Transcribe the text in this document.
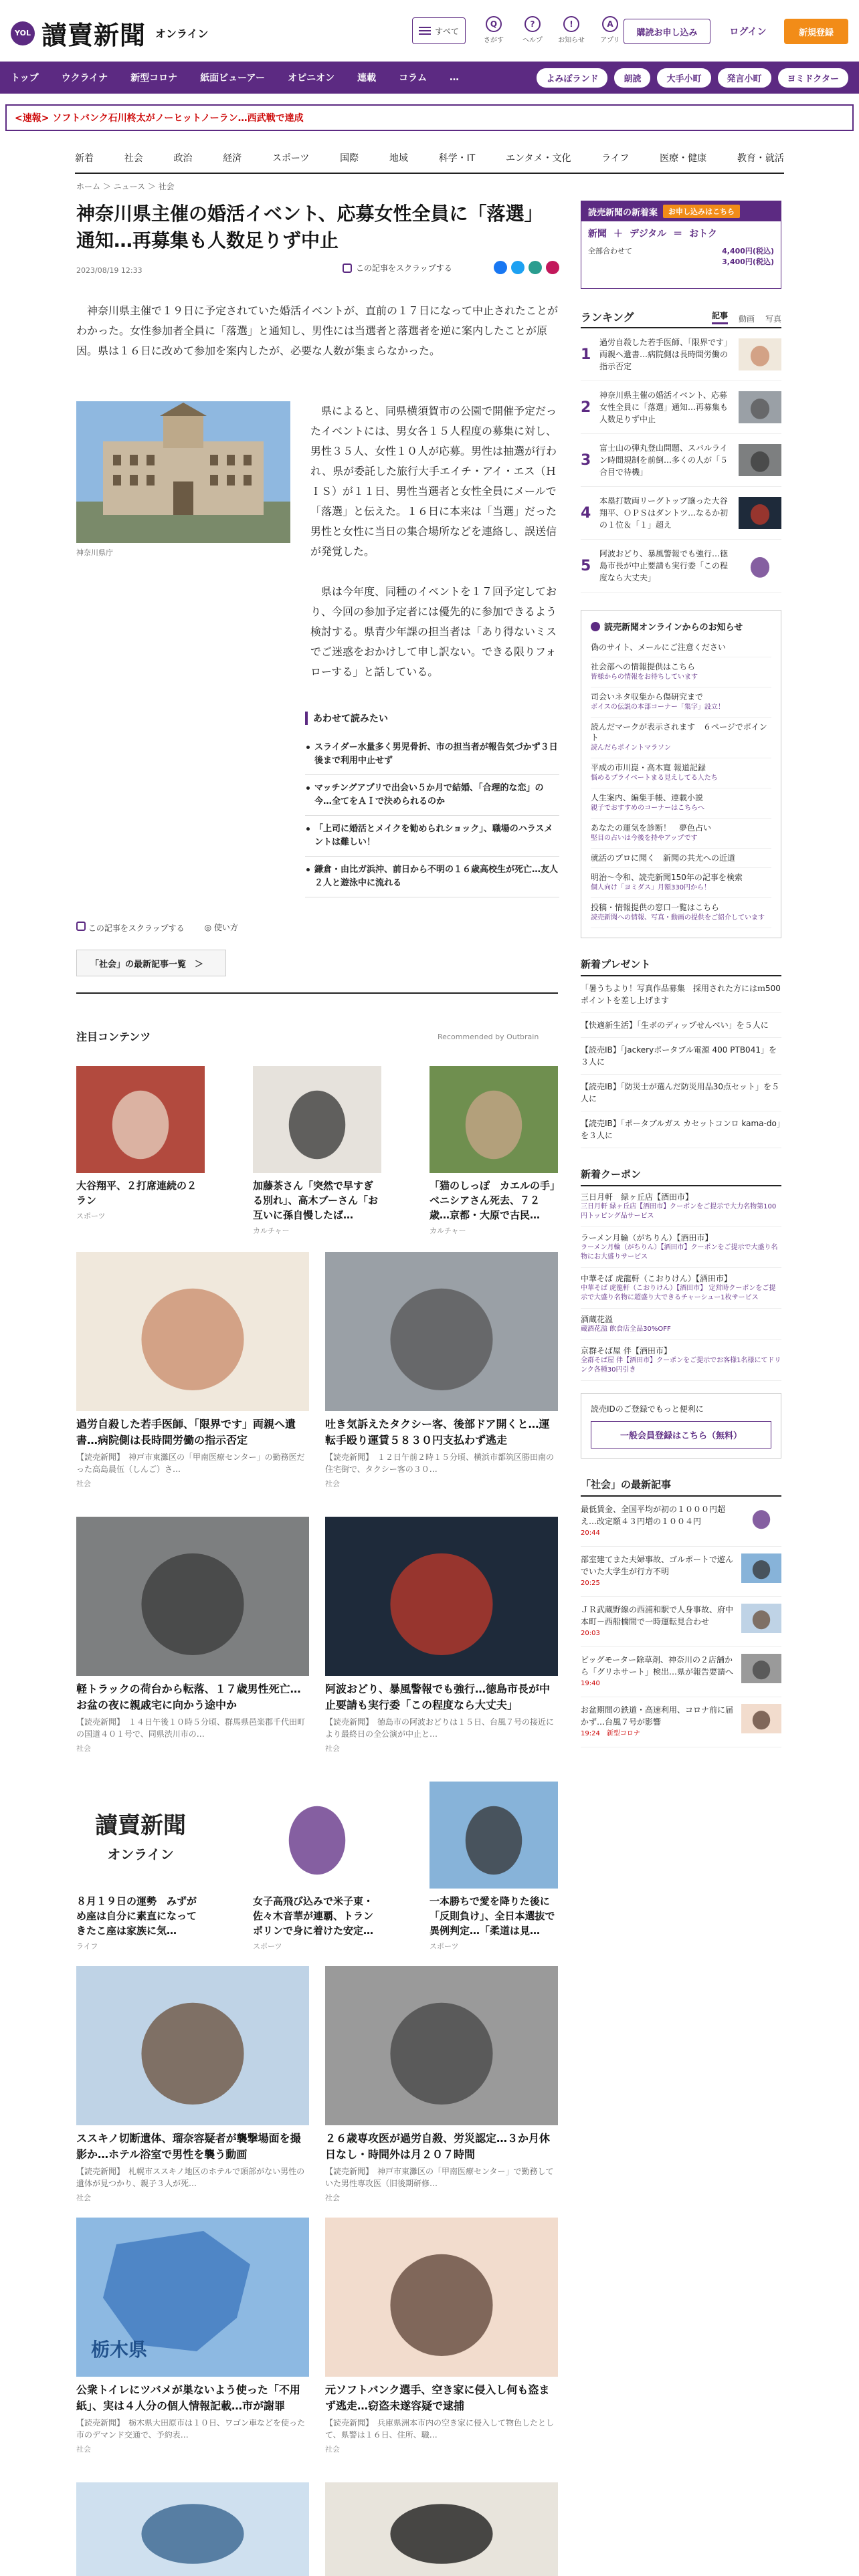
YOL 讀賣新聞 オンライン	すべて
Q
さがす
?
ヘルプ
!
お知らせ
A
アプリ
購読お申し込み	ログイン	新規登録
トップ	ウクライナ	新型コロナ	紙面ビューアー	オピニオン	連載	コラム	…	よみぽランド	朗読	大手小町	発言小町	ヨミドクター
<速報> ソフトバンク石川柊太がノーヒットノーラン…西武戦で達成
新着	社会	政治	経済	スポーツ	国際	地域	科学・IT	エンタメ・文化	ライフ	医療・健康	教育・就活
ホーム ＞ ニュース ＞ 社会
神奈川県主催の婚活イベント、応募女性全員に「落選」通知…再募集も人数足りず中止
2023/08/19 12:33	この記事をスクラップする

神奈川県主催で１９日に予定されていた婚活イベントが、直前の１７日になって中止されたことがわかった。女性参加者全員に「落選」と通知し、男性には当選者と落選者を逆に案内したことが原因。県は１６日に改めて参加を案内したが、必要な人数が集まらなかった。

神奈川県庁

県によると、同県横須賀市の公園で開催予定だったイベントには、男女各１５人程度の募集に対し、男性３５人、女性１０人が応募。男性は抽選が行われ、県が委託した旅行大手エイチ・アイ・エス（ＨＩＳ）が１１日、男性当選者と女性全員にメールで「落選」と伝えた。１６日に本来は「当選」だった男性と女性に当日の集合場所などを連絡し、誤送信が発覚した。

県は今年度、同種のイベントを１７回予定しており、今回の参加予定者には優先的に参加できるよう検討する。県青少年課の担当者は「あり得ないミスでご迷惑をおかけして申し訳ない。できる限りフォローする」と話している。

あわせて読みたい
スライダー水量多く男児骨折、市の担当者が報告気づかず３日後まで利用中止せず
マッチングアプリで出会い５か月で結婚、「合理的な恋」の今…全てをＡＩで決められるのか
「上司に婚活とメイクを勧められショック」、職場のハラスメントは難しい！
鎌倉・由比ガ浜沖、前日から不明の１６歳高校生が死亡…友人２人と遊泳中に流れる
この記事をスクラップする	◎ 使い方
「社会」の最新記事一覧　＞
注目コンテンツ	Recommended by Outbrain
大谷翔平、２打席連続の２ラン
スポーツ
加藤茶さん「突然で早すぎる別れ」、高木ブーさん「お互いに孫自慢したば…
カルチャー
「猫のしっぽ　カエルの手」ベニシアさん死去、７２歳…京都・大原で古民…
カルチャー
過労自殺した若手医師、「限界です」両親へ遺書…病院側は長時間労働の指示否定
【読売新聞】　神戸市東灘区の「甲南医療センター」の勤務医だった高島晨伍（しんご）さ…
社会
吐き気訴えたタクシー客、後部ドア開くと…運転手殴り運賃５８３０円支払わず逃走
【読売新聞】　１２日午前２時１５分頃、横浜市都筑区勝田南の住宅街で、タクシー客の３０…
社会
軽トラックの荷台から転落、１７歳男性死亡…お盆の夜に親戚宅に向かう途中か
【読売新聞】　１４日午後１０時５分頃、群馬県邑楽郡千代田町の国道４０１号で、同県渋川市の…
社会
阿波おどり、暴風警報でも強行…徳島市長が中止要請も実行委「この程度なら大丈夫」
【読売新聞】　徳島市の阿波おどりは１５日、台風７号の接近により最終日の全公演が中止と…
社会
讀賣新聞
オンライン
８月１９日の運勢　みずがめ座は自分に素直になってきたこ座は家族に気…
ライフ
女子高飛び込みで米子東・佐々木音華が連覇、トランポリンで身に着けた安定…
スポーツ
一本勝ちで愛を降りた後に「反則負け」、全日本選抜で異例判定…「柔道は見…
スポーツ
ススキノ切断遺体、瑠奈容疑者が襲撃場面を撮影か…ホテル浴室で男性を襲う動画
【読売新聞】　札幌市ススキノ地区のホテルで頭部がない男性の遺体が見つかり、親子３人が死…
社会
２６歳専攻医が過労自殺、労災認定…３か月休日なし・時間外は月２０７時間
【読売新聞】　神戸市東灘区の「甲南医療センター」で勤務していた男性専攻医（旧後期研修…
社会
栃木県
公衆トイレにツバメが巣ないよう使った「不用紙」、実は４人分の個人情報記載…市が謝罪
【読売新聞】　栃木県大田原市は１０日、ワゴン車などを使った市のデマンド交通で、予約表…
社会
元ソフトバンク選手、空き家に侵入し何も盗まず逃走…窃盗未遂容疑で逮捕
【読売新聞】　兵庫県洲本市内の空き家に侵入して物色したとして、県警は１６日、住所、職…
社会
読売新聞の新着案	お申し込みはこちら
新聞 ＋ デジタル ＝ おトク
全部合わせて	4,400円(税込)
3,400円(税込)
ランキング	記事 動画 写真
1
過労自殺した若手医師、「限界です」両親へ遺書…病院側は長時間労働の指示否定
2
神奈川県主催の婚活イベント、応募女性全員に「落選」通知…再募集も人数足りず中止
3
富士山の弾丸登山問題、スバルライン時間規制を前倒…多くの人が「５合目で待機」
4
本塁打数両リーグトップ譲った大谷翔平、ＯＰＳはダントツ…なるか初の１位＆「１」超え
5
阿波おどり、暴風警報でも強行…徳島市長が中止要請も実行委「この程度なら大丈夫」
読売新聞オンラインからのお知らせ
偽のサイト、メールにご注意ください
社会部への情報提供はこちら
皆様からの情報をお待ちしています
司会いネタ収集から傷研究まで
ボイスの伝説の本部コーナー「集字」設立！
読んだマークが表示されます　６ページでポイント
読んだらポイントマラソン
平成の市川崑・高木寛 報道記録
悩めるプライベートまる見えしてる人たち
人生案内、編集手帳、連載小説
親子でおすすめのコーナーはこちらへ
あなたの運気を診断！　夢色占い
堅目の占いは今後を持やアップです
就活のプロに聞く　新聞の共尤への近道
明治～令和、読売新聞150年の記事を検索
個人向け「ヨミダス」月額330円から！
投稿・情報提供の窓口一覧はこちら
読売新聞への情報、写真・動画の提供をご紹介しています
新着プレゼント
「暑うちより！写真作品募集　採用された方にはｍ500ポイントを差し上げます
【快適新生活】「生ボのディップせんべい」を５人に
【読売IB】「Jackeryポータブル電源 400 PTB041」を３人に
【読売IB】「防災士が選んだ防災用品30点セット」を５人に
【読売IB】「ポータブルガス カセットコンロ kama-do」を３人に
新着クーポン
三日月軒　緑ヶ丘店【酒田市】
三日月軒 緑ヶ丘店【酒田市】クーポンをご提示で大力名物第100円トッピング品サービス
ラーメン月輪（がちりん）【酒田市】
ラーメン月輪（がちりん）【酒田市】クーポンをご提示で大盛り名物にお大盛りサービス
中華そば 虎龍軒（こおりけん）【酒田市】
中華そば 虎龍軒（こおりけん）【酒田市】 定営時クーポンをご提示で大盛り名物に超盛り大できるチャーシュー1枚サービス
酒蔵花溢
蔵酒花溢 飲食店全品30%OFF
京群そば屋 伴【酒田市】
全群そば屋 伴【酒田市】クーポンをご提示でお客様1名様にてドリンク各種30円引き

読売IDのご登録でもっと便利に

一般会員登録はこちら（無料）
「社会」の最新記事
最低賃金、全国平均が初の１０００円超え…改定額４３円増の１００４円
20:44
部室建てまた夫婦事故、ゴルポートで遊んでいた大学生が行方不明
20:25
ＪＲ武蔵野線の西浦和駅で人身事故、府中本町－西船橋間で一時運転見合わせ
20:03
ビッグモーター除草剤、神奈川の２店舗から「グリホサート」検出…県が報告要請へ
19:40
お盆期間の鉄道・高速利用、コロナ前に届かず…台風７号が影響
19:24　新型コロナ
